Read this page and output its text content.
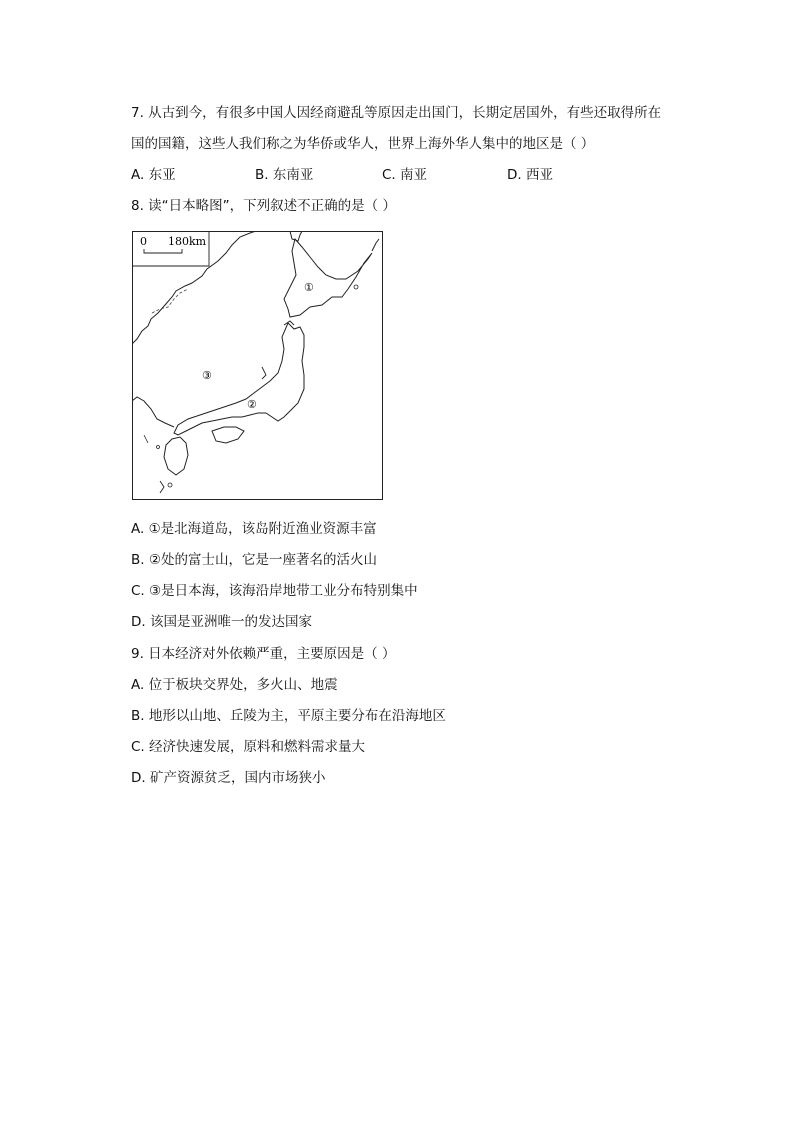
7. 从古到今，有很多中国人因经商避乱等原因走出国门，长期定居国外，有些还取得所在
国的国籍，这些人我们称之为华侨或华人，世界上海外华人集中的地区是（ ）
A. 东亚	B. 东南亚	C. 南亚	D. 西亚
8. 读“日本略图”，下列叙述不正确的是（ ）
0 180km
①
②
③
A. ①是北海道岛，该岛附近渔业资源丰富
B. ②处的富士山，它是一座著名的活火山
C. ③是日本海，该海沿岸地带工业分布特别集中
D. 该国是亚洲唯一的发达国家
9. 日本经济对外依赖严重，主要原因是（ ）
A. 位于板块交界处，多火山、地震
B. 地形以山地、丘陵为主，平原主要分布在沿海地区
C. 经济快速发展，原料和燃料需求量大
D. 矿产资源贫乏，国内市场狭小
